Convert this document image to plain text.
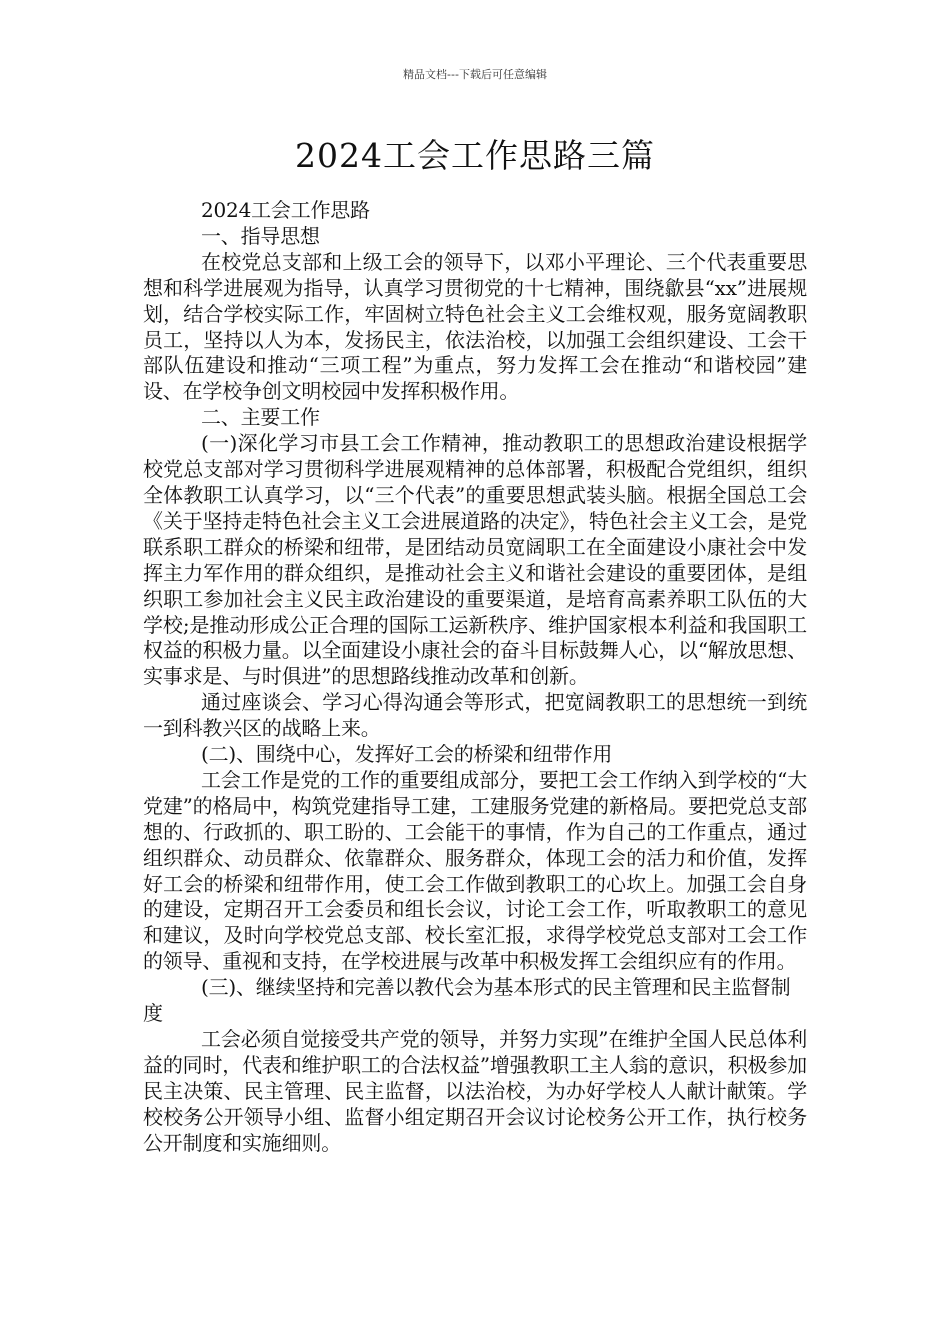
精品文档---下载后可任意编辑
2024工会工作思路三篇

2024工会工作思路

一、指导思想

在校党总支部和上级工会的领导下，以邓小平理论、三个代表重要思想和科学进展观为指导，认真学习贯彻党的十七精神，围绕歙县“xx”进展规划，结合学校实际工作，牢固树立特色社会主义工会维权观，服务宽阔教职员工，坚持以人为本，发扬民主，依法治校，以加强工会组织建设、工会干部队伍建设和推动“三项工程”为重点，努力发挥工会在推动“和谐校园”建设、在学校争创文明校园中发挥积极作用。

二、主要工作

(一)深化学习市县工会工作精神，推动教职工的思想政治建设根据学校党总支部对学习贯彻科学进展观精神的总体部署，积极配合党组织，组织全体教职工认真学习，以“三个代表”的重要思想武装头脑。根据全国总工会《关于坚持走特色社会主义工会进展道路的决定》，特色社会主义工会，是党联系职工群众的桥梁和纽带，是团结动员宽阔职工在全面建设小康社会中发挥主力军作用的群众组织，是推动社会主义和谐社会建设的重要团体，是组织职工参加社会主义民主政治建设的重要渠道，是培育高素养职工队伍的大学校;是推动形成公正合理的国际工运新秩序、维护国家根本利益和我国职工权益的积极力量。以全面建设小康社会的奋斗目标鼓舞人心，以“解放思想、实事求是、与时俱进”的思想路线推动改革和创新。

通过座谈会、学习心得沟通会等形式，把宽阔教职工的思想统一到统一到科教兴区的战略上来。

(二)、围绕中心，发挥好工会的桥梁和纽带作用

工会工作是党的工作的重要组成部分，要把工会工作纳入到学校的“大党建”的格局中，构筑党建指导工建，工建服务党建的新格局。要把党总支部想的、行政抓的、职工盼的、工会能干的事情，作为自己的工作重点，通过组织群众、动员群众、依靠群众、服务群众，体现工会的活力和价值，发挥好工会的桥梁和纽带作用，使工会工作做到教职工的心坎上。加强工会自身的建设，定期召开工会委员和组长会议，讨论工会工作，听取教职工的意见和建议，及时向学校党总支部、校长室汇报，求得学校党总支部对工会工作的领导、重视和支持，在学校进展与改革中积极发挥工会组织应有的作用。

(三)、继续坚持和完善以教代会为基本形式的民主管理和民主监督制度

工会必须自觉接受共产党的领导，并努力实现”在维护全国人民总体利益的同时，代表和维护职工的合法权益”增强教职工主人翁的意识，积极参加民主决策、民主管理、民主监督，以法治校，为办好学校人人献计献策。学校校务公开领导小组、监督小组定期召开会议讨论校务公开工作，执行校务公开制度和实施细则。
